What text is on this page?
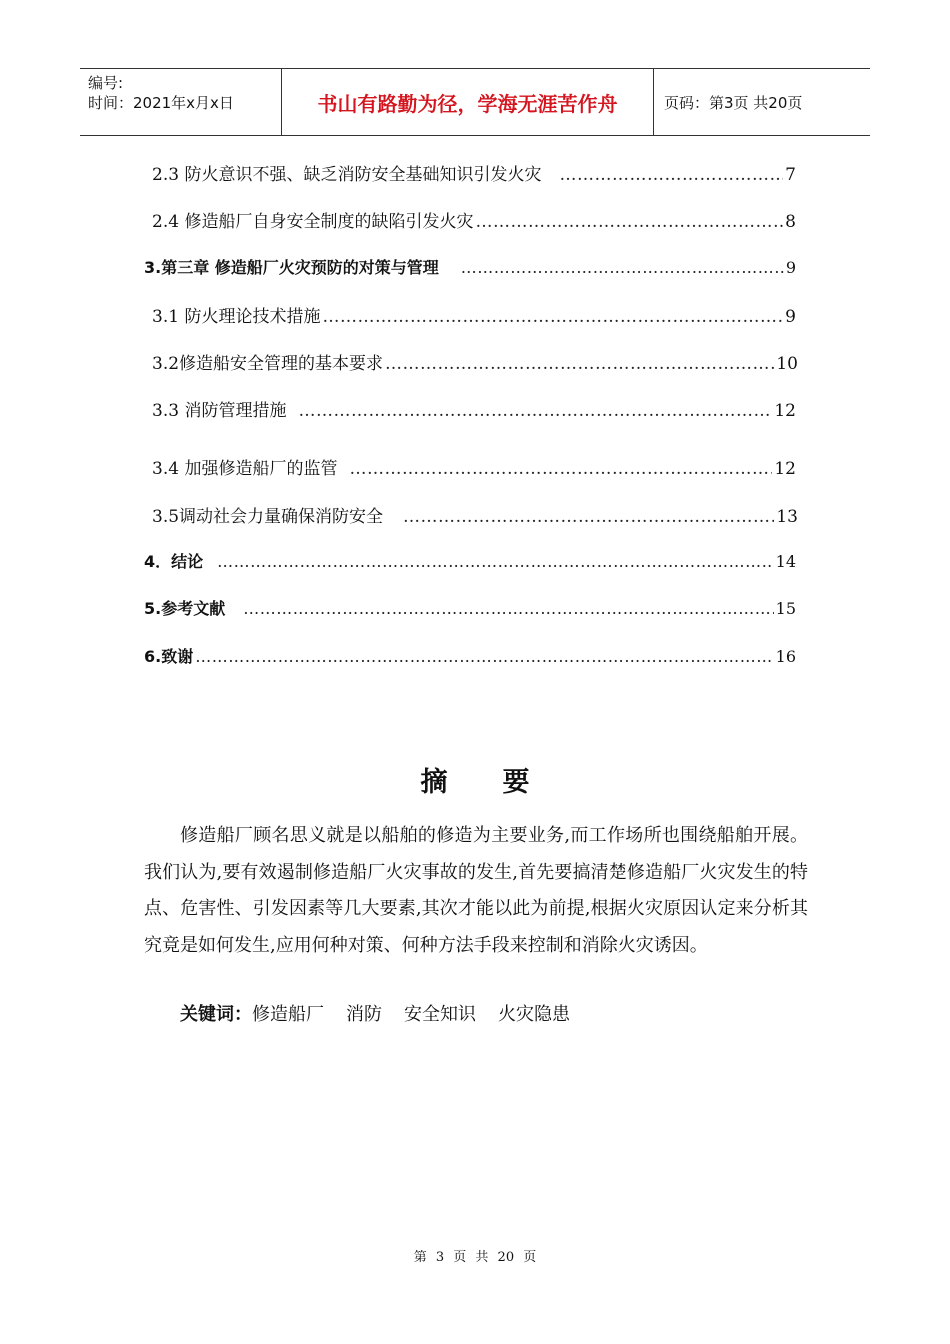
编号:
时间：2021年x月x日	书山有路勤为径，学海无涯苦作舟	页码：第3页 共20页
2.3 防火意识不强、缺乏消防安全基础知识引发火灾 …………………………………………………………………………………………………………………………………………………………	7
2.4 修造船厂自身安全制度的缺陷引发火灾 …………………………………………………………………………………………………………………………………………………………	8
3.第三章 修造船厂火灾预防的对策与管理 …………………………………………………………………………………………………………………………………………………………	9
3.1 防火理论技术措施 …………………………………………………………………………………………………………………………………………………………	9
3.2修造船安全管理的基本要求 …………………………………………………………………………………………………………………………………………………………	10
3.3 消防管理措施 …………………………………………………………………………………………………………………………………………………………	12
3.4 加强修造船厂的监管 …………………………………………………………………………………………………………………………………………………………	12
3.5调动社会力量确保消防安全 …………………………………………………………………………………………………………………………………………………………	13
4．结论 …………………………………………………………………………………………………………………………………………………………	14
5.参考文献 …………………………………………………………………………………………………………………………………………………………	15
6.致谢 …………………………………………………………………………………………………………………………………………………………	16
摘要
修造船厂顾名思义就是以船舶的修造为主要业务,而工作场所也围绕船舶开展。我们认为,要有效遏制修造船厂火灾事故的发生,首先要搞清楚修造船厂火灾发生的特点、危害性、引发因素等几大要素,其次才能以此为前提,根据火灾原因认定来分析其究竟是如何发生,应用何种对策、何种方法手段来控制和消除火灾诱因。
关键词：修造船厂 消防 安全知识 火灾隐患
第 3 页 共 20 页
